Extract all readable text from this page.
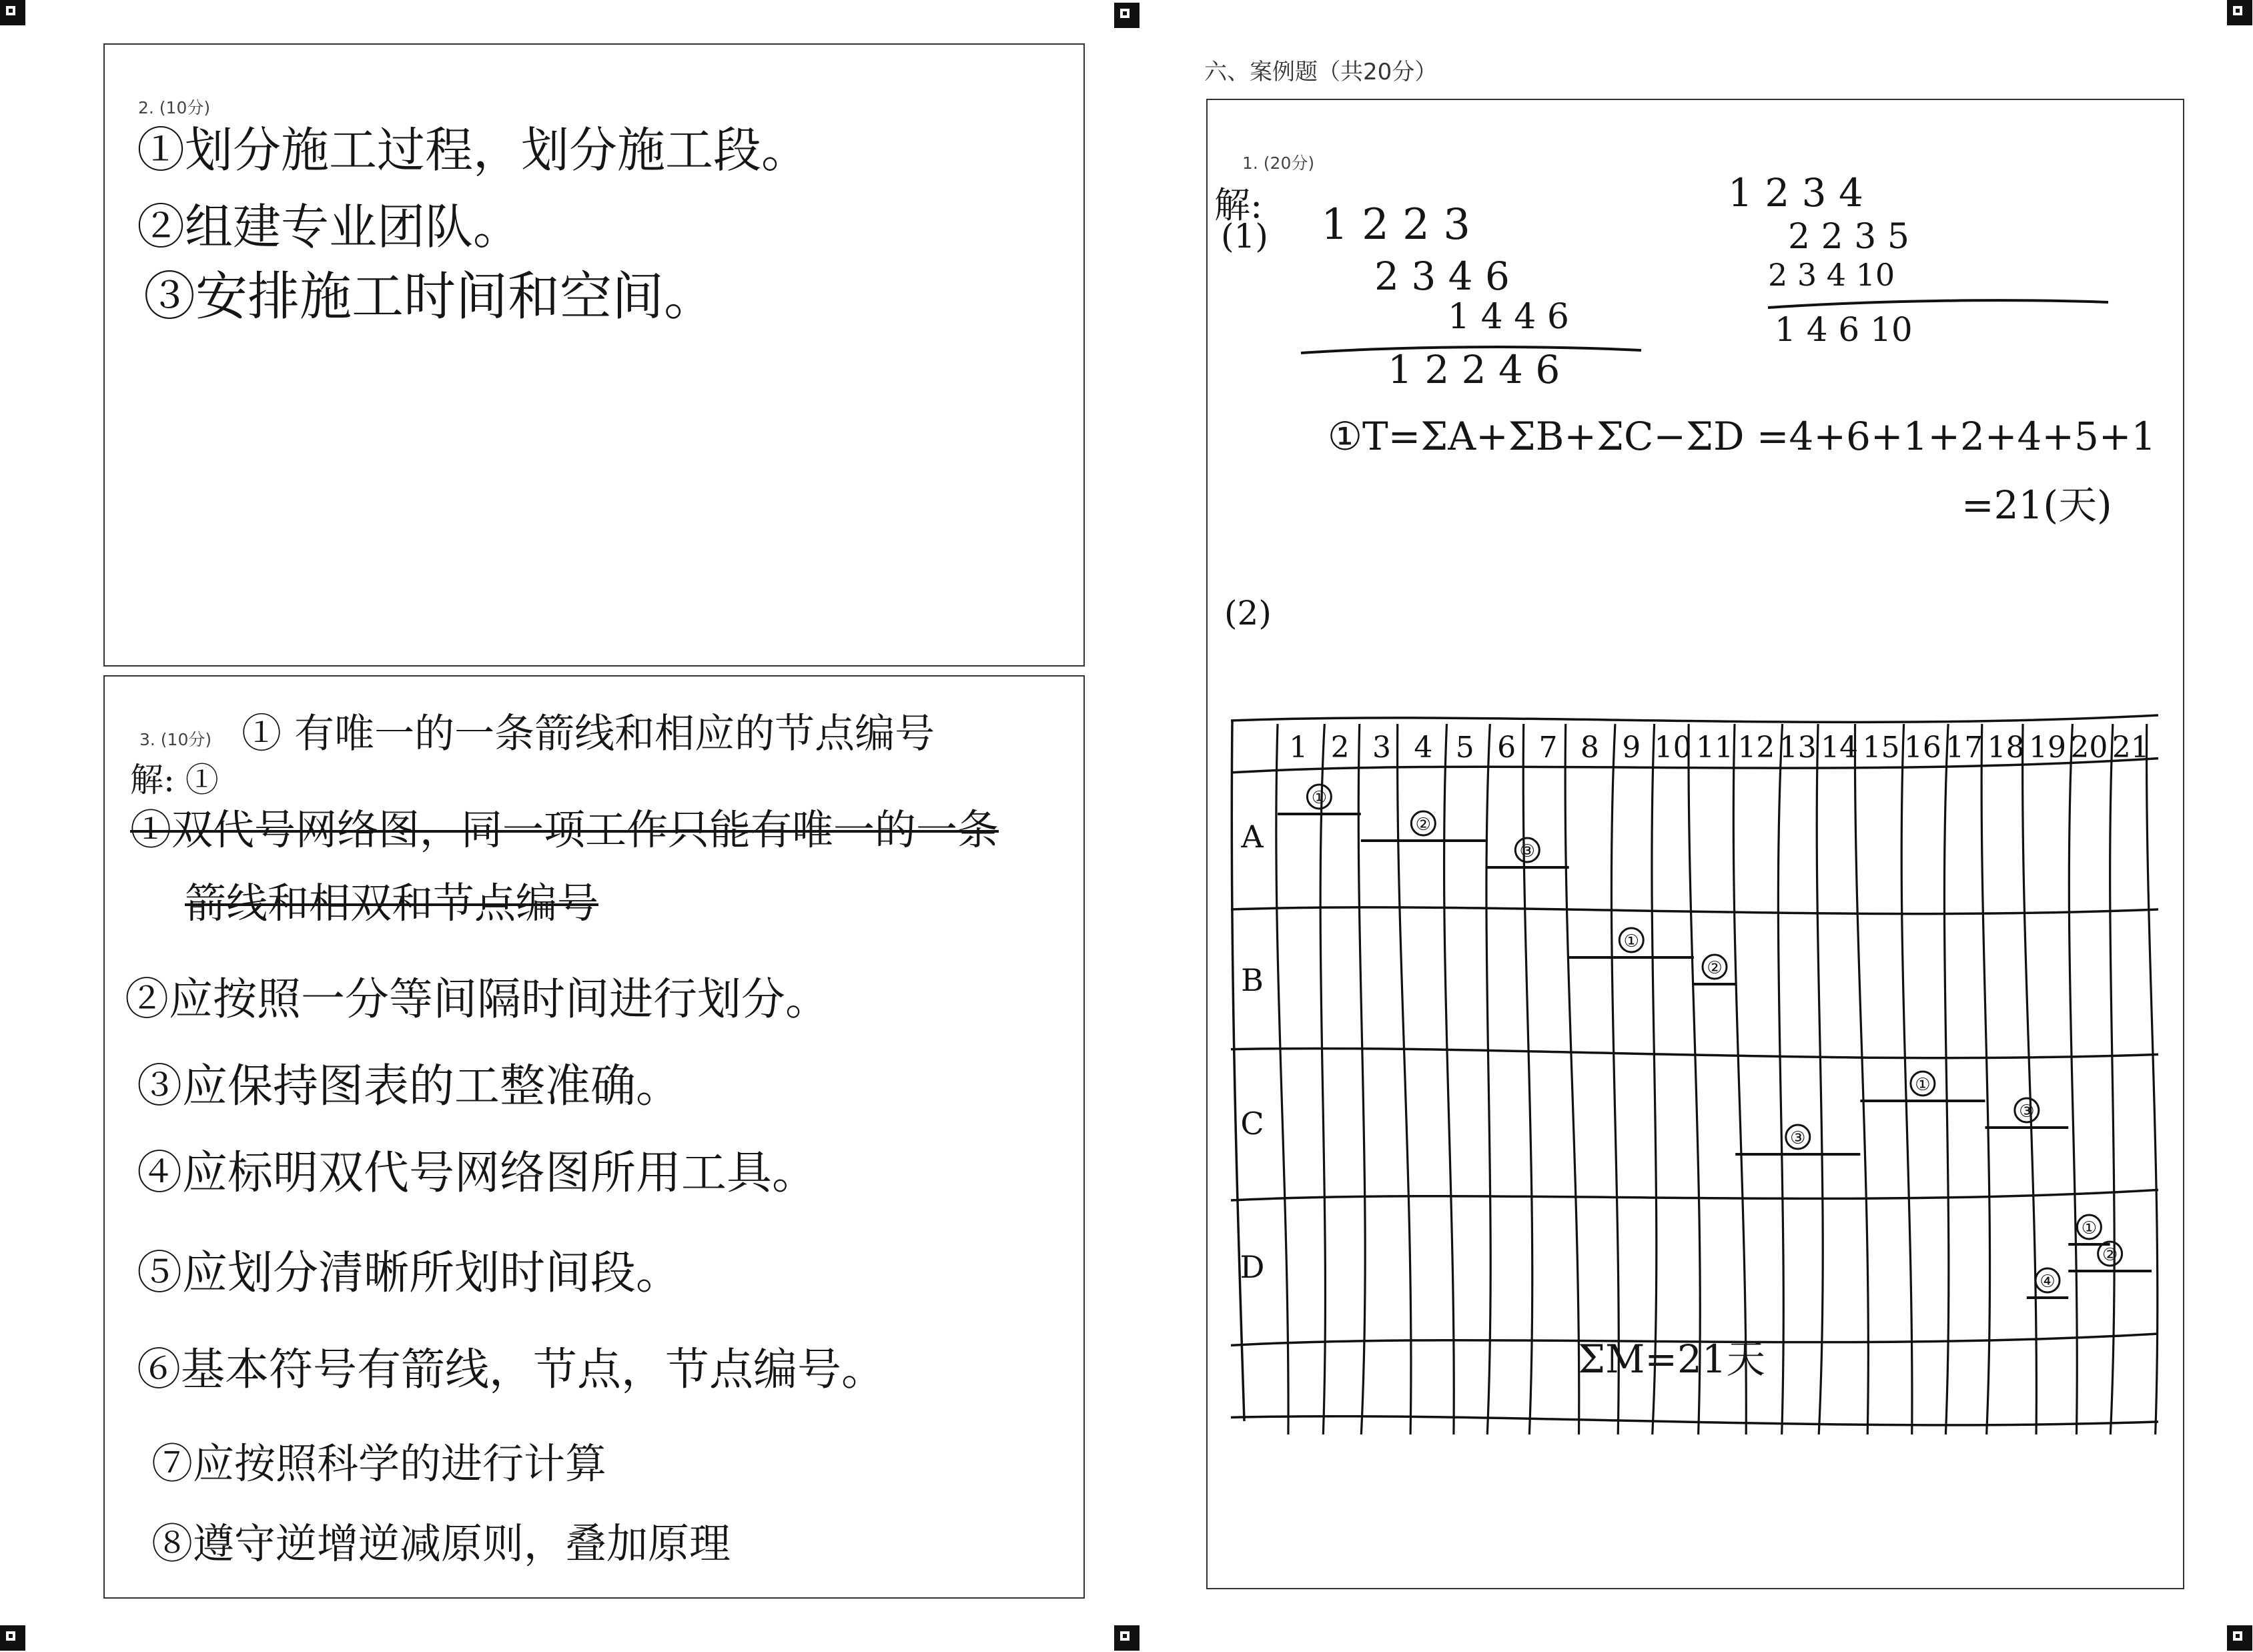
2. (10分)
①划分施工过程，划分施工段。
②组建专业团队。
③安排施工时间和空间。
3. (10分) ① 有唯一的一条箭线和相应的节点编号
解: ①
①双代号网络图，同一项工作只能有唯一的一条
箭线和相双和节点编号
②应按照一分等间隔时间进行划分。
③应保持图表的工整准确。
④应标明双代号网络图所用工具。
⑤应划分清晰所划时间段。
⑥基本符号有箭线，节点，节点编号。
⑦应按照科学的进行计算
⑧遵守逆增逆减原则，叠加原理
六、案例题（共20分）
1. (20分)
解:
(1) 1 2 2 3
2 3 4 6
1 4 4 6
1 2 2 4 6
1 2 3 4
2 2 3 5
2 3 4 10
1 4 6 10
①T=ΣA+ΣB+ΣC−ΣD =4+6+1+2+4+5+1
=21(天)
(2)
1 2 3 4 5 6 7 8 9 10 11 12 13 14 15 16 17 18 19 20 21
A
B
C
D
①
②
③
①
②
③
①
③
④
①
②
ΣM=21天
